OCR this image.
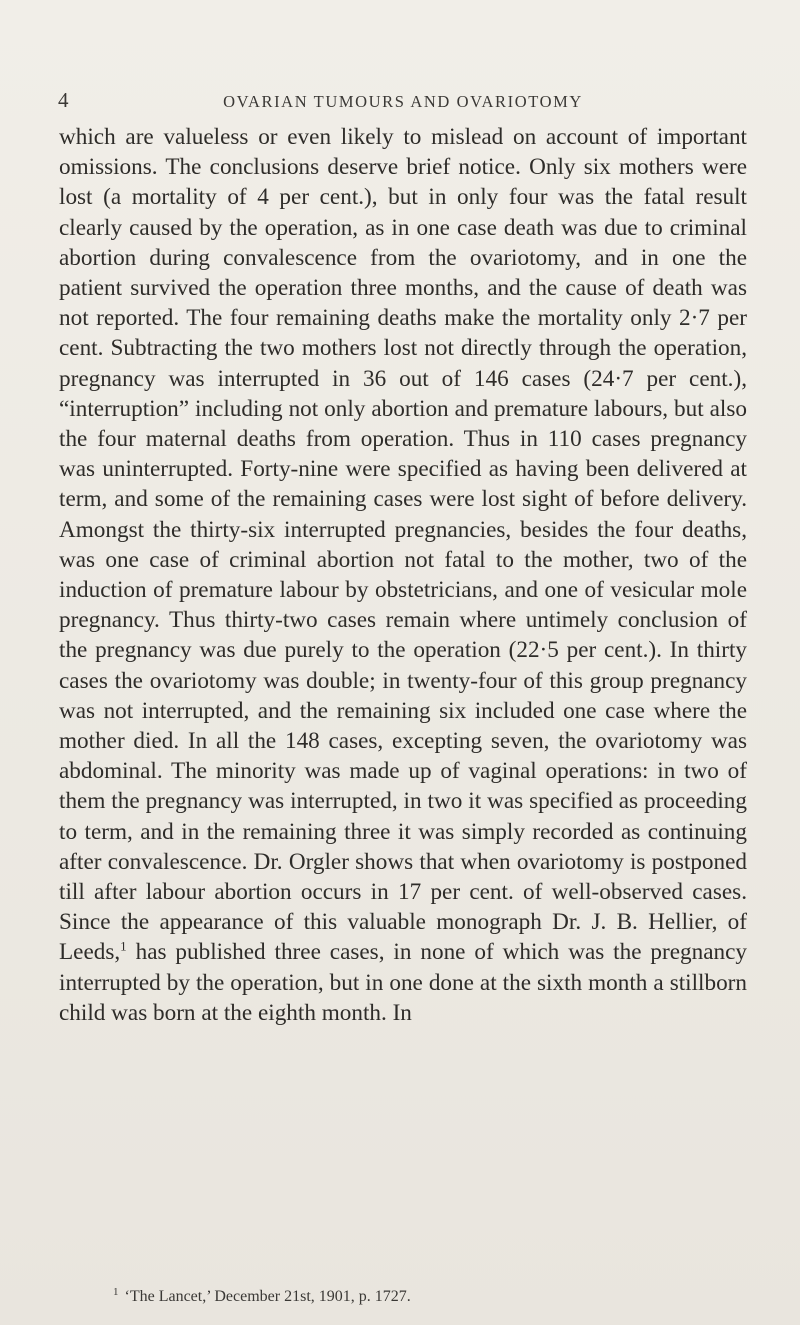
4	OVARIAN TUMOURS AND OVARIOTOMY

which are valueless or even likely to mislead on account of important omissions. The conclusions deserve brief notice. Only six mothers were lost (a mortality of 4 per cent.), but in only four was the fatal result clearly caused by the operation, as in one case death was due to criminal abortion during convalescence from the ovariotomy, and in one the patient survived the operation three months, and the cause of death was not reported. The four remaining deaths make the mortality only 2·7 per cent. Subtracting the two mothers lost not directly through the operation, pregnancy was interrupted in 36 out of 146 cases (24·7 per cent.), “interruption” including not only abortion and premature labours, but also the four maternal deaths from operation. Thus in 110 cases pregnancy was uninterrupted. Forty-nine were specified as having been delivered at term, and some of the remaining cases were lost sight of before delivery. Amongst the thirty-six interrupted pregnancies, besides the four deaths, was one case of criminal abortion not fatal to the mother, two of the induction of premature labour by obstetricians, and one of vesicular mole pregnancy. Thus thirty-two cases remain where untimely conclusion of the pregnancy was due purely to the operation (22·5 per cent.). In thirty cases the ovariotomy was double; in twenty-four of this group pregnancy was not interrupted, and the remaining six included one case where the mother died. In all the 148 cases, excepting seven, the ovariotomy was abdominal. The minority was made up of vaginal operations: in two of them the pregnancy was interrupted, in two it was specified as proceeding to term, and in the remaining three it was simply recorded as continuing after convalescence. Dr. Orgler shows that when ovariotomy is postponed till after labour abortion occurs in 17 per cent. of well-observed cases. Since the appearance of this valuable monograph Dr. J. B. Hellier, of Leeds,$^1$ has published three cases, in none of which was the pregnancy interrupted by the operation, but in one done at the sixth month a stillborn child was born at the eighth month. In

$^1$ ‘The Lancet,’ December 21st, 1901, p. 1727.
